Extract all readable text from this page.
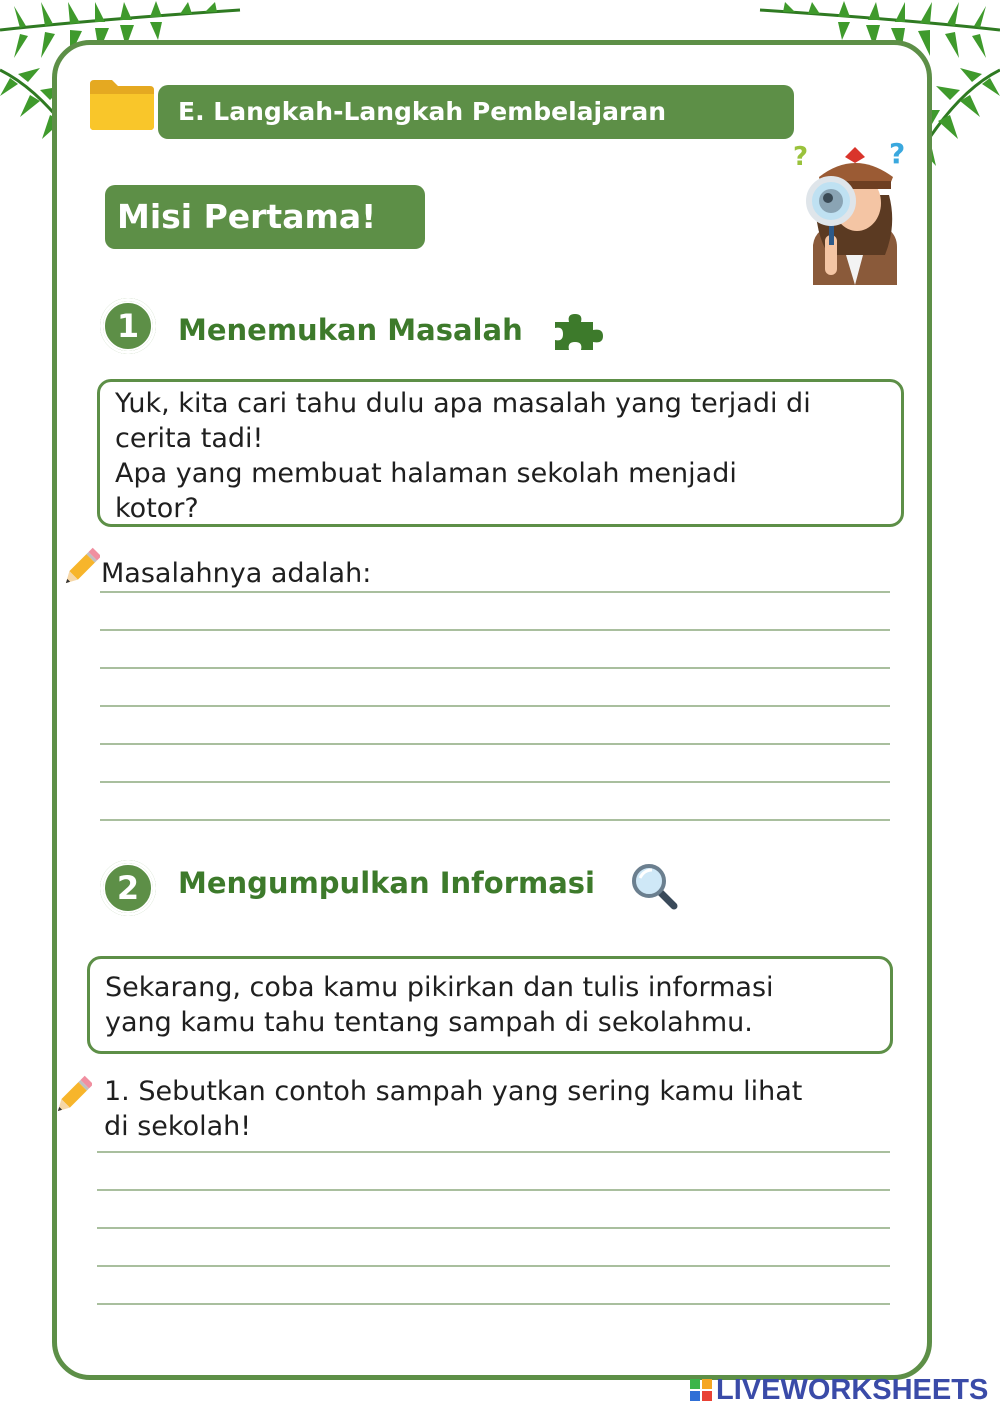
E. Langkah-Langkah Pembelajaran
Misi Pertama!
?	?
1	Menemukan Masalah

Yuk, kita cari tahu dulu apa masalah yang terjadi di

cerita tadi!

Apa yang membuat halaman sekolah menjadi

kotor?

Masalahnya adalah:

2	Mengumpulkan Informasi

Sekarang, coba kamu pikirkan dan tulis informasi

yang kamu tahu tentang sampah di sekolahmu.

1. Sebutkan contoh sampah yang sering kamu lihat

di sekolah!

LIVEWORKSHEETS
